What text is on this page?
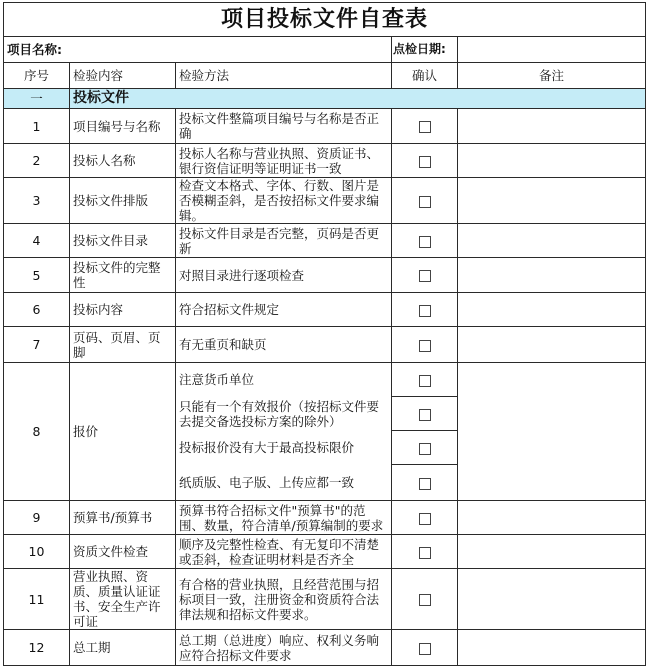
项目投标文件自查表				
项目名称:			点检日期:	
序号	检验内容	检验方法	确认	备注
一	投标文件			
1	项目编号与名称	投标文件整篇项目编号与名称是否正确		
2	投标人名称	投标人名称与营业执照、资质证书、银行资信证明等证明证书一致		
3	投标文件排版	检查文本格式、字体、行数、图片是否模糊歪斜，是否按招标文件要求编辑。		
4	投标文件目录	投标文件目录是否完整，页码是否更新		
5	投标文件的完整性	对照目录进行逐项检查		
6	投标内容	符合招标文件规定		
7	页码、页眉、页脚	有无重页和缺页		
8	报价	注意货币单位		
		只能有一个有效报价（按招标文件要去提交备选投标方案的除外）		
		投标报价没有大于最高投标限价		
		纸质版、电子版、上传应都一致		
9	预算书/预算书	预算书符合招标文件"预算书"的范围、数量，符合清单/预算编制的要求		
10	资质文件检查	顺序及完整性检查、有无复印不清楚或歪斜，检查证明材料是否齐全		
11	营业执照、资质、质量认证证书、安全生产许可证	有合格的营业执照，且经营范围与招标项目一致，注册资金和资质符合法律法规和招标文件要求。		
12	总工期	总工期（总进度）响应、权利义务响应符合招标文件要求		
